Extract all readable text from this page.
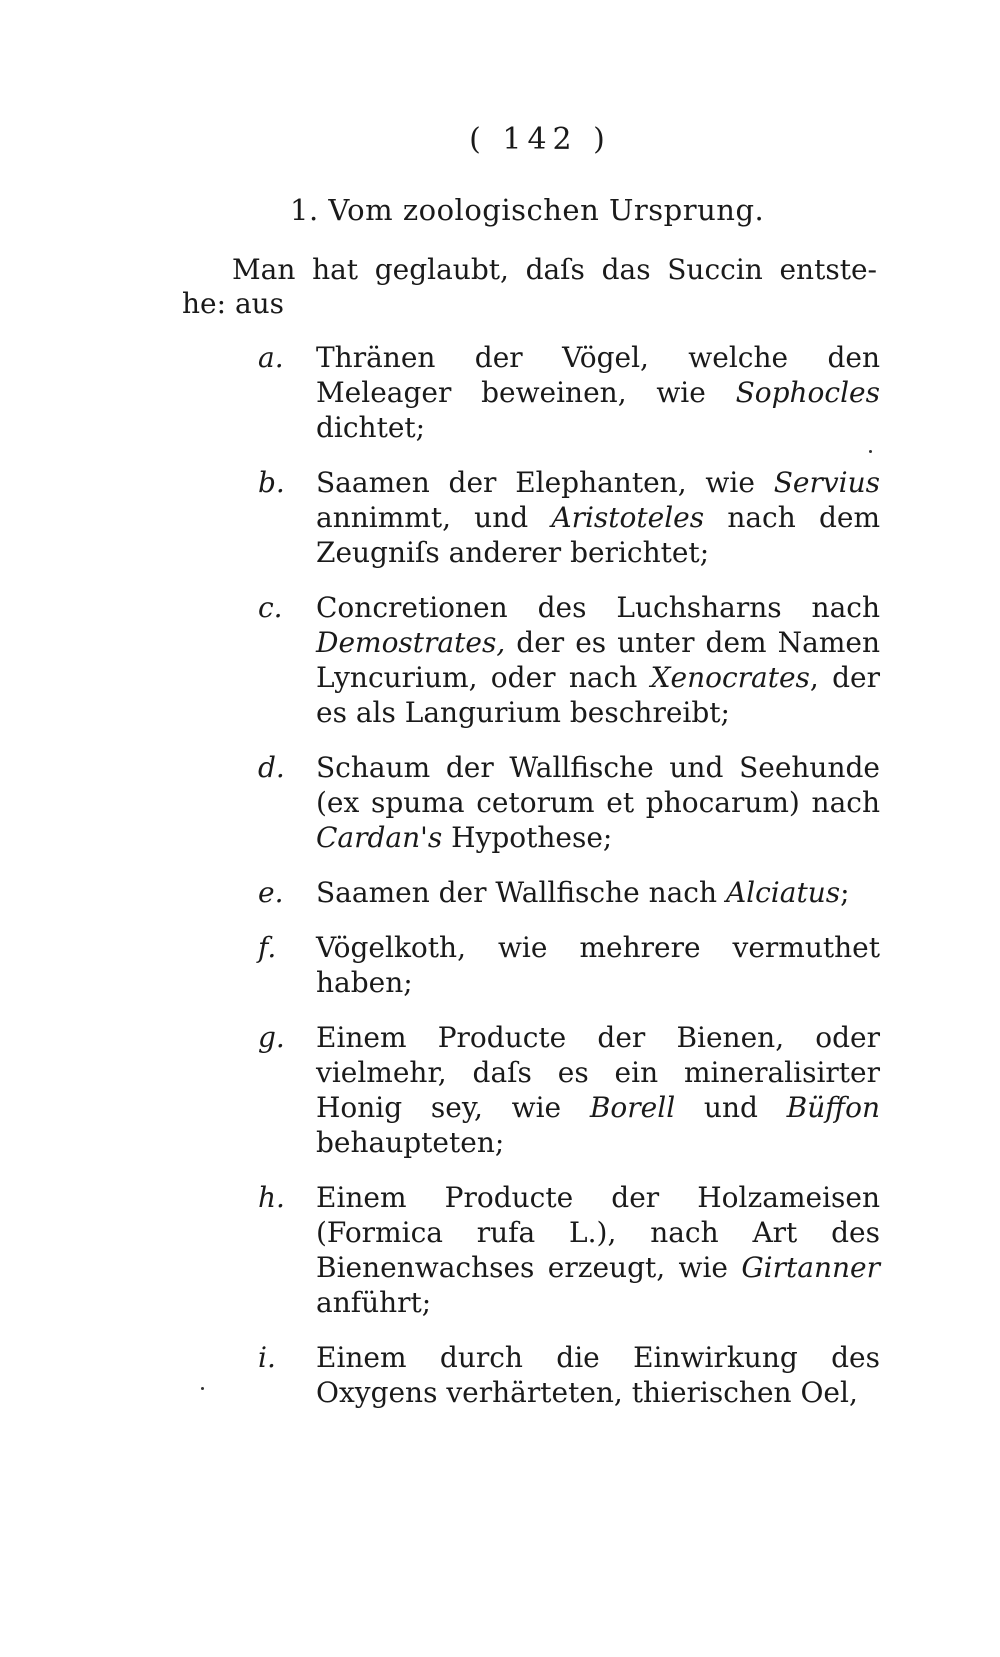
( 142 )
1. Vom zoologischen Ursprung.
Man hat geglaubt, daſs das Succin entste-
he: aus
a. Thränen der Vögel, welche den Meleager beweinen, wie Sophocles dichtet;
b. Saamen der Elephanten, wie Servius annimmt, und Aristoteles nach dem Zeugniſs anderer berichtet;
c. Concretionen des Luchsharns nach Demostrates, der es unter dem Namen Lyncurium, oder nach Xenocrates, der es als Langurium beschreibt;
d. Schaum der Wallfische und Seehunde (ex spuma cetorum et phocarum) nach Cardan's Hypothese;
e. Saamen der Wallfische nach Alciatus;
f. Vögelkoth, wie mehrere vermuthet haben;
g. Einem Producte der Bienen, oder vielmehr, daſs es ein mineralisirter Honig sey, wie Borell und Büffon behaupteten;
h. Einem Producte der Holzameisen (Formica rufa L.), nach Art des Bienenwachses erzeugt, wie Girtanner anführt;
i. Einem durch die Einwirkung des Oxygens verhärteten, thierischen Oel,
